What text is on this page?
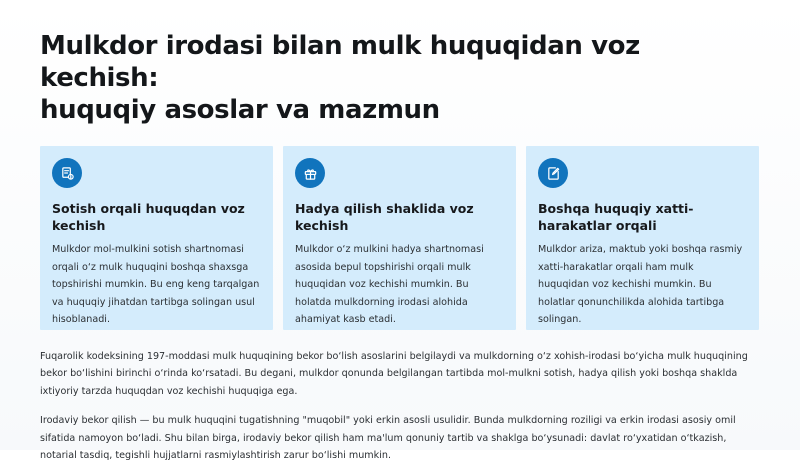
Mulkdor irodasi bilan mulk huquqidan voz kechish:
huquqiy asoslar va mazmun
Sotish orqali huquqdan voz kechish
Mulkdor mol-mulkini sotish shartnomasi orqali o‘z mulk huquqini boshqa shaxsga topshirishi mumkin. Bu eng keng tarqalgan va huquqiy jihatdan tartibga solingan usul hisoblanadi.
Hadya qilish shaklida voz kechish
Mulkdor o‘z mulkini hadya shartnomasi asosida bepul topshirishi orqali mulk huquqidan voz kechishi mumkin. Bu holatda mulkdorning irodasi alohida ahamiyat kasb etadi.
Boshqa huquqiy xatti-harakatlar orqali
Mulkdor ariza, maktub yoki boshqa rasmiy xatti-harakatlar orqali ham mulk huquqidan voz kechishi mumkin. Bu holatlar qonunchilikda alohida tartibga solingan.

Fuqarolik kodeksining 197-moddasi mulk huquqining bekor bo‘lish asoslarini belgilaydi va mulkdorning o‘z xohish-irodasi bo‘yicha mulk huquqining bekor bo‘lishini birinchi o‘rinda ko‘rsatadi. Bu degani, mulkdor qonunda belgilangan tartibda mol-mulkni sotish, hadya qilish yoki boshqa shaklda ixtiyoriy tarzda huquqdan voz kechishi huquqiga ega.

Irodaviy bekor qilish — bu mulk huquqini tugatishning "muqobil" yoki erkin asosli usulidir. Bunda mulkdorning roziligi va erkin irodasi asosiy omil sifatida namoyon bo‘ladi. Shu bilan birga, irodaviy bekor qilish ham ma'lum qonuniy tartib va shaklga bo‘ysunadi: davlat ro‘yxatidan o‘tkazish, notarial tasdiq, tegishli hujjatlarni rasmiylashtirish zarur bo‘lishi mumkin.
